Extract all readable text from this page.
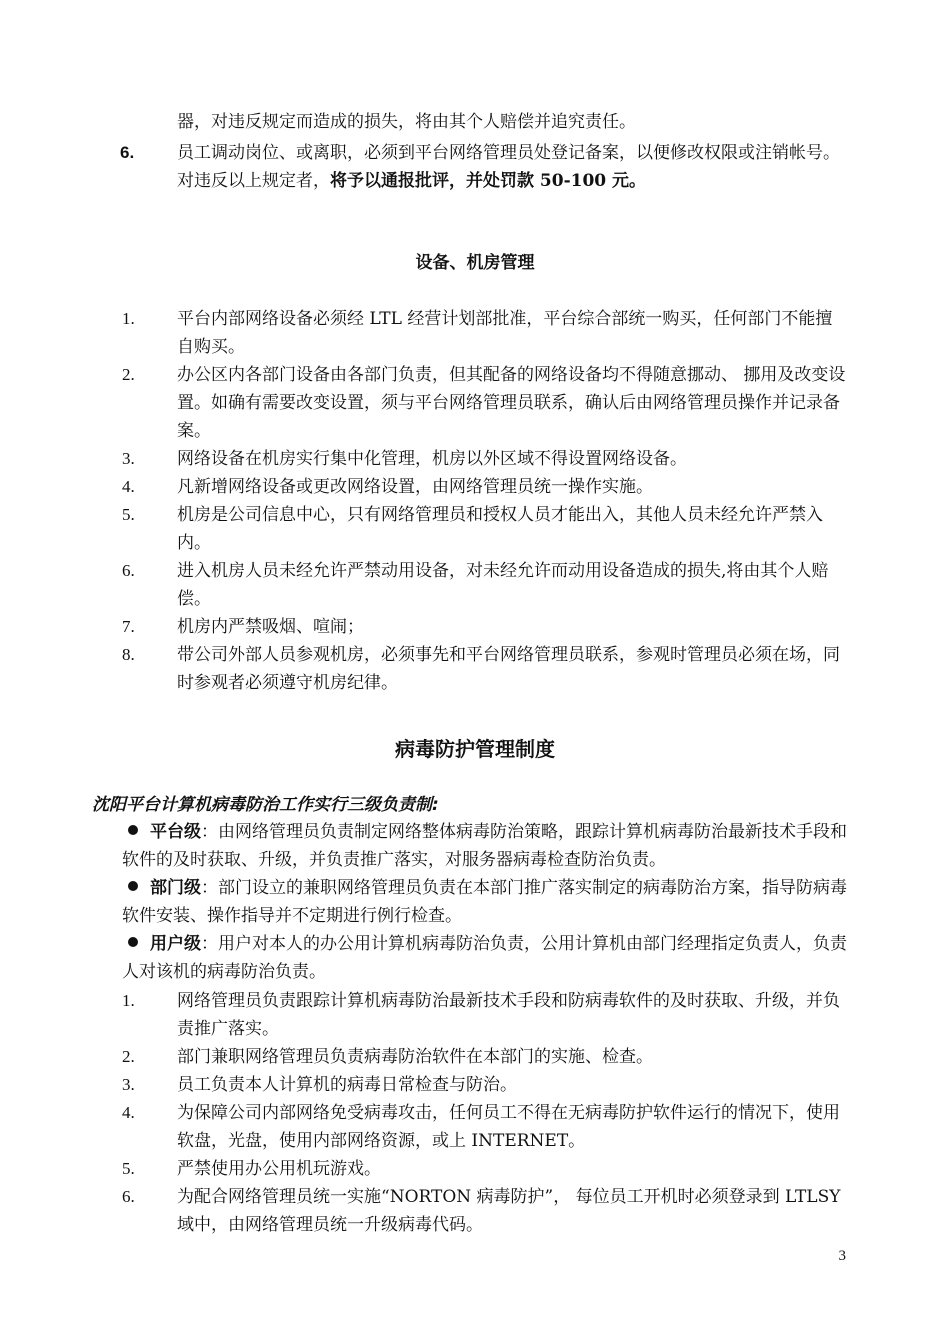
器，对违反规定而造成的损失，将由其个人赔偿并追究责任。
6.	员工调动岗位、或离职，必须到平台网络管理员处登记备案，以便修改权限或注销帐号。
对违反以上规定者，将予以通报批评，并处罚款 50-100 元。
设备、机房管理
1. 平台内部网络设备必须经 LTL 经营计划部批准，平台综合部统一购买，任何部门不能擅自购买。
2. 办公区内各部门设备由各部门负责，但其配备的网络设备均不得随意挪动、 挪用及改变设置。如确有需要改变设置，须与平台网络管理员联系，确认后由网络管理员操作并记录备案。
3. 网络设备在机房实行集中化管理，机房以外区域不得设置网络设备。
4. 凡新增网络设备或更改网络设置，由网络管理员统一操作实施。
5. 机房是公司信息中心，只有网络管理员和授权人员才能出入，其他人员未经允许严禁入内。
6. 进入机房人员未经允许严禁动用设备，对未经允许而动用设备造成的损失,将由其个人赔偿。
7. 机房内严禁吸烟、喧闹；
8. 带公司外部人员参观机房，必须事先和平台网络管理员联系，参观时管理员必须在场，同时参观者必须遵守机房纪律。
病毒防护管理制度
沈阳平台计算机病毒防治工作实行三级负责制:
平台级：由网络管理员负责制定网络整体病毒防治策略，跟踪计算机病毒防治最新技术手段和软件的及时获取、升级，并负责推广落实，对服务器病毒检查防治负责。
部门级：部门设立的兼职网络管理员负责在本部门推广落实制定的病毒防治方案，指导防病毒软件安装、操作指导并不定期进行例行检查。
用户级：用户对本人的办公用计算机病毒防治负责，公用计算机由部门经理指定负责人，负责人对该机的病毒防治负责。
1. 网络管理员负责跟踪计算机病毒防治最新技术手段和防病毒软件的及时获取、升级，并负责推广落实。
2. 部门兼职网络管理员负责病毒防治软件在本部门的实施、检查。
3. 员工负责本人计算机的病毒日常检查与防治。
4. 为保障公司内部网络免受病毒攻击，任何员工不得在无病毒防护软件运行的情况下，使用软盘，光盘，使用内部网络资源，或上 INTERNET。
5. 严禁使用办公用机玩游戏。
6. 为配合网络管理员统一实施“NORTON 病毒防护”， 每位员工开机时必须登录到 LTLSY 域中，由网络管理员统一升级病毒代码。
3
